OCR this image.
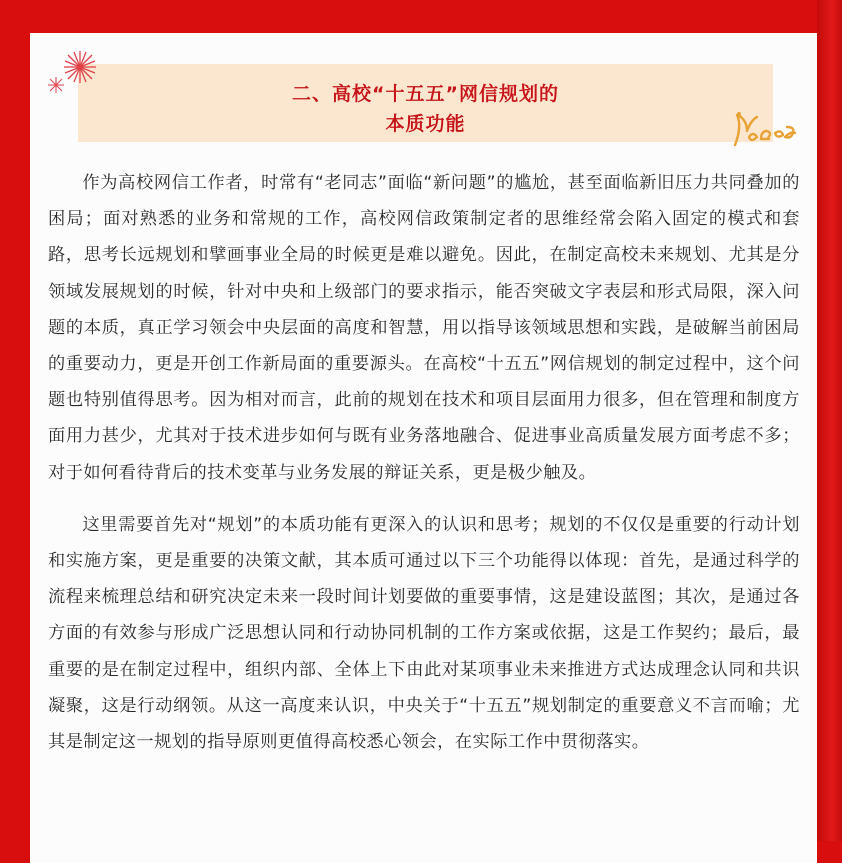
二、高校“十五五”网信规划的
本质功能

作为高校网信工作者，时常有“老同志”面临“新问题”的尴尬，甚至面临新旧压力共同叠加的困局；面对熟悉的业务和常规的工作，高校网信政策制定者的思维经常会陷入固定的模式和套路，思考长远规划和擘画事业全局的时候更是难以避免。因此，在制定高校未来规划、尤其是分领域发展规划的时候，针对中央和上级部门的要求指示，能否突破文字表层和形式局限，深入问题的本质，真正学习领会中央层面的高度和智慧，用以指导该领域思想和实践，是破解当前困局的重要动力，更是开创工作新局面的重要源头。在高校“十五五”网信规划的制定过程中，这个问题也特别值得思考。因为相对而言，此前的规划在技术和项目层面用力很多，但在管理和制度方面用力甚少，尤其对于技术进步如何与既有业务落地融合、促进事业高质量发展方面考虑不多；对于如何看待背后的技术变革与业务发展的辩证关系，更是极少触及。

这里需要首先对“规划”的本质功能有更深入的认识和思考；规划的不仅仅是重要的行动计划和实施方案，更是重要的决策文献，其本质可通过以下三个功能得以体现：首先，是通过科学的流程来梳理总结和研究决定未来一段时间计划要做的重要事情，这是建设蓝图；其次，是通过各方面的有效参与形成广泛思想认同和行动协同机制的工作方案或依据，这是工作契约；最后，最重要的是在制定过程中，组织内部、全体上下由此对某项事业未来推进方式达成理念认同和共识凝聚，这是行动纲领。从这一高度来认识，中央关于“十五五”规划制定的重要意义不言而喻；尤其是制定这一规划的指导原则更值得高校悉心领会，在实际工作中贯彻落实。
